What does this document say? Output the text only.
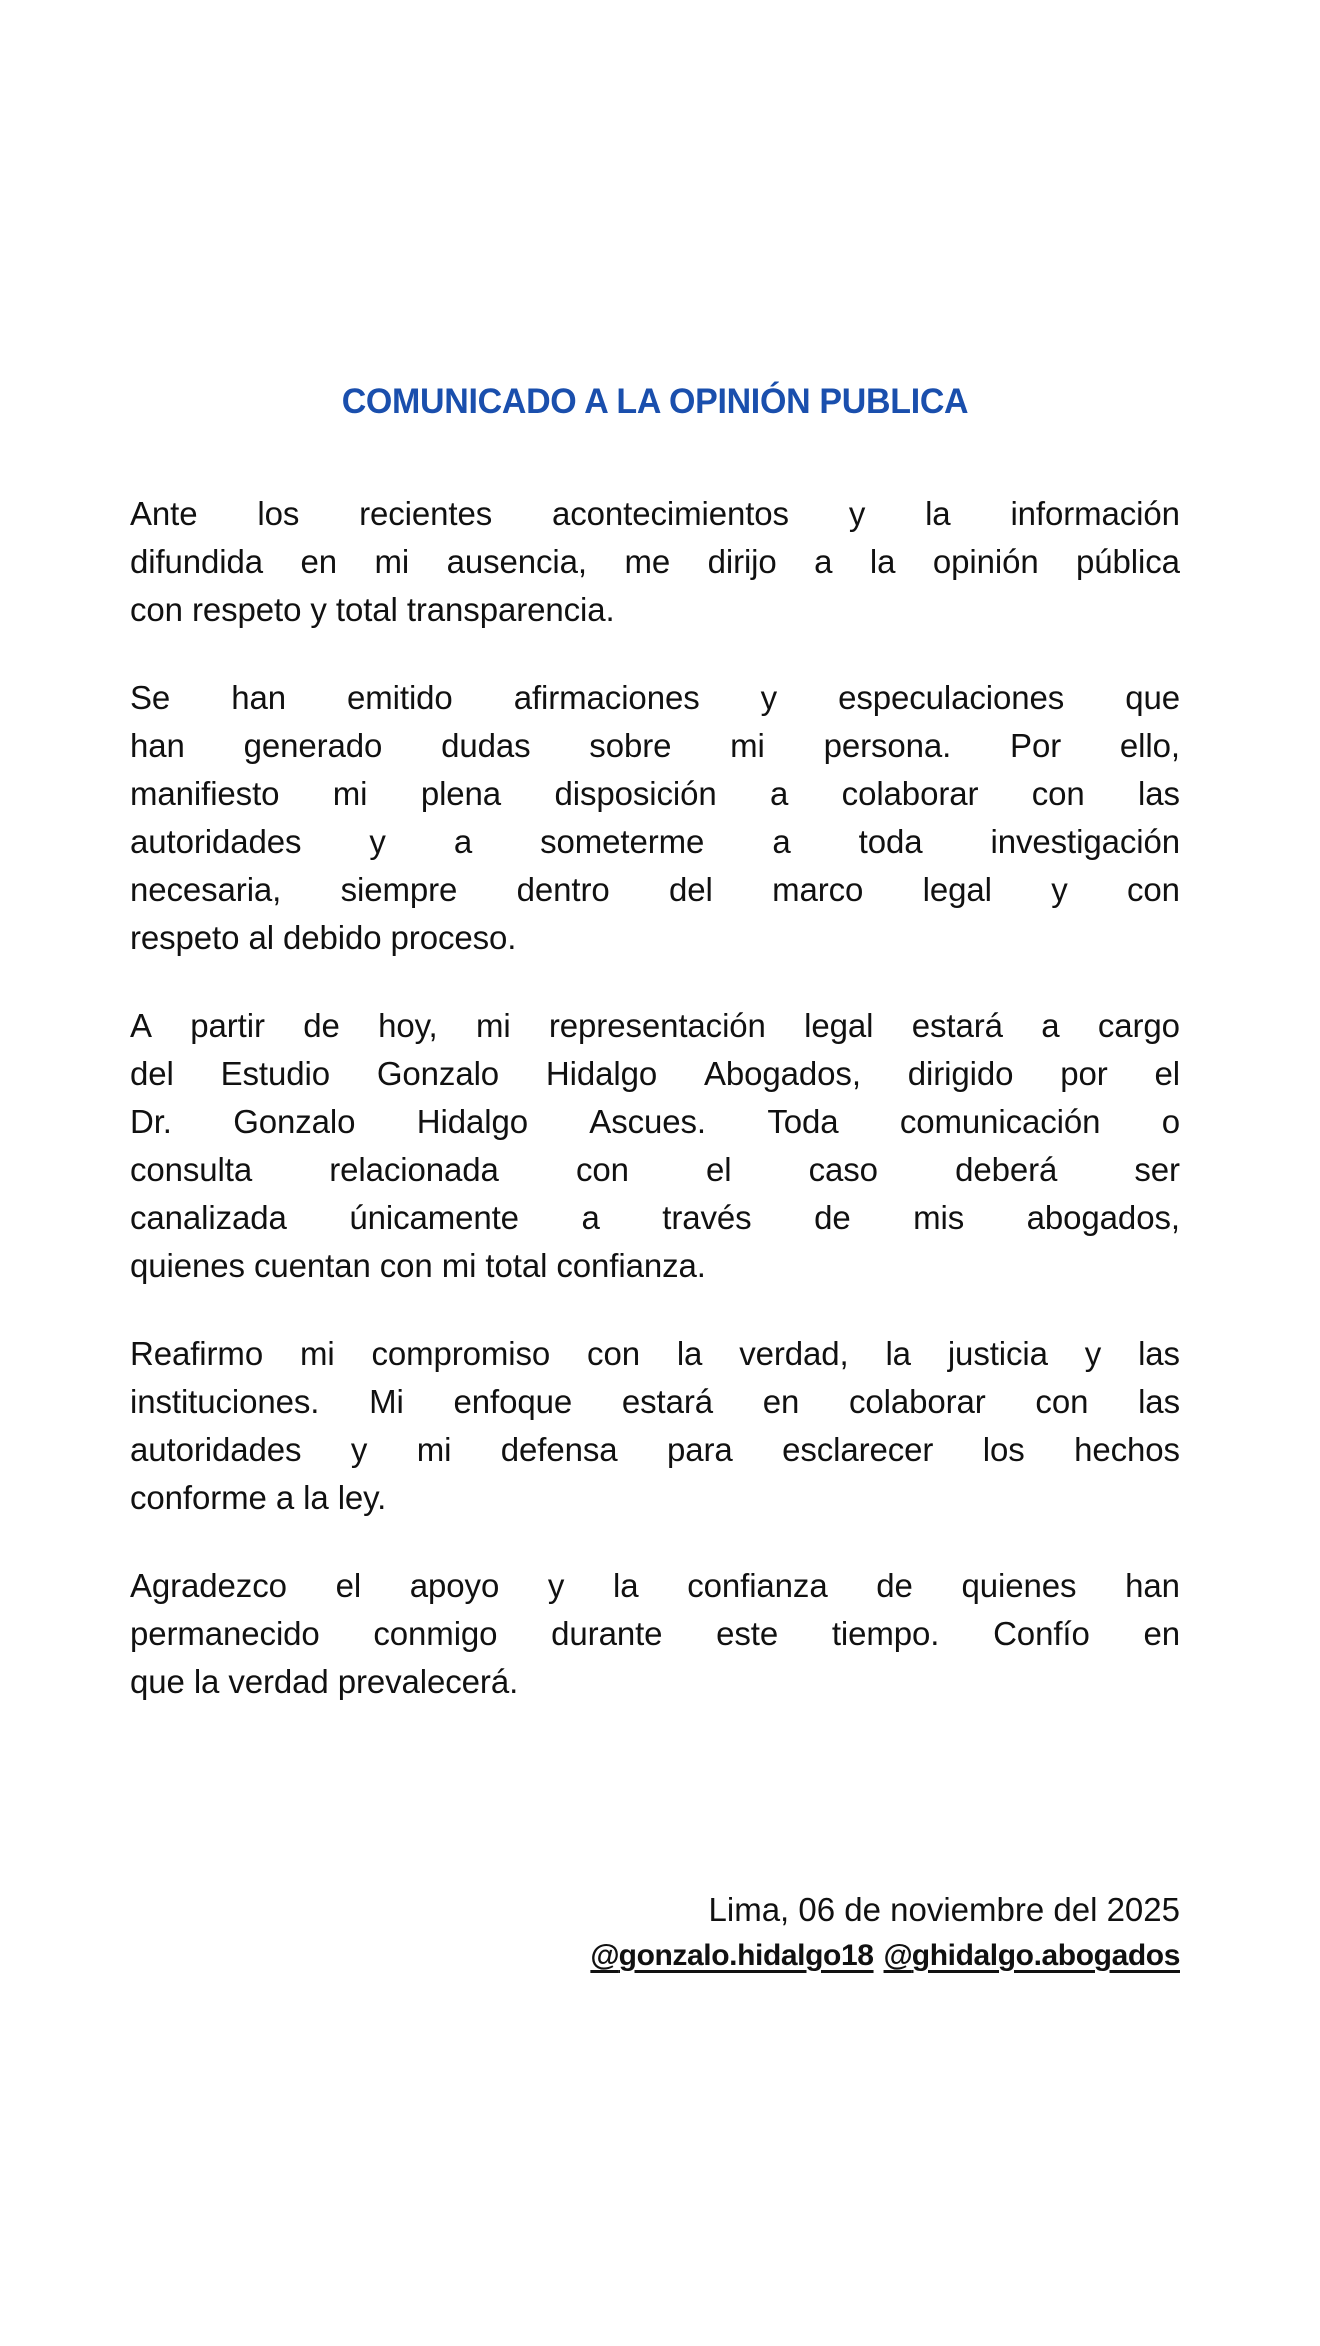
COMUNICADO A LA OPINIÓN PUBLICA

Ante los recientes acontecimientos y la información
difundida en mi ausencia, me dirijo a la opinión pública
con respeto y total transparencia.

Se han emitido afirmaciones y especulaciones que
han generado dudas sobre mi persona. Por ello,
manifiesto mi plena disposición a colaborar con las
autoridades y a someterme a toda investigación
necesaria, siempre dentro del marco legal y con
respeto al debido proceso.

A partir de hoy, mi representación legal estará a cargo
del Estudio Gonzalo Hidalgo Abogados, dirigido por el
Dr. Gonzalo Hidalgo Ascues. Toda comunicación o
consulta relacionada con el caso deberá ser
canalizada únicamente a través de mis abogados,
quienes cuentan con mi total confianza.

Reafirmo mi compromiso con la verdad, la justicia y las
instituciones. Mi enfoque estará en colaborar con las
autoridades y mi defensa para esclarecer los hechos
conforme a la ley.

Agradezco el apoyo y la confianza de quienes han
permanecido conmigo durante este tiempo. Confío en
que la verdad prevalecerá.

Lima, 06 de noviembre del 2025
@gonzalo.hidalgo18 @ghidalgo.abogados
